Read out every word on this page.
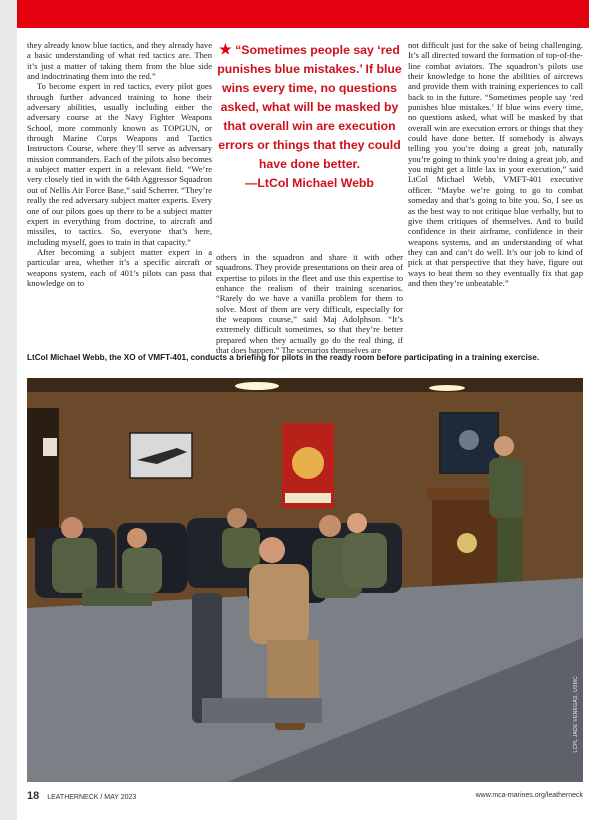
they already know blue tactics, and they already have a basic understanding of what red tactics are. Then it’s just a matter of taking them from the blue side and indoctrinating them into the red.”

To become expert in red tactics, every pilot goes through further advanced training to hone their adversary abilities, usually including either the adversary course at the Navy Fighter Weapons School, more commonly known as TOPGUN, or through Marine Corps Weapons and Tactics Instructors Course, where they’ll serve as adversary mission commanders. Each of the pilots also becomes a subject matter expert in a relevant field. “We’re very closely tied in with the 64th Aggressor Squadron out of Nellis Air Force Base,” said Scherrer. “They’re really the red adversary subject matter experts. Every one of our pilots goes up there to be a subject matter expert in everything from doctrine, to aircraft and missiles, to tactics. So, everyone that’s here, including myself, goes to train in that capacity.”

After becoming a subject matter expert in a particular area, whether it’s a specific aircraft or weapons system, each of 401’s pilots can pass that knowledge on to

★ “Sometimes people say ‘red punishes blue mistakes.’ If blue wins every time, no questions asked, what will be masked by that overall win are execution errors or things that they could have done better.
—LtCol Michael Webb

others in the squadron and share it with other squadrons. They provide presentations on their area of expertise to pilots in the fleet and use this expertise to enhance the realism of their training scenarios. “Rarely do we have a vanilla problem for them to solve. Most of them are very difficult, especially for the weapons course,” said Maj Adolphson. “It’s extremely difficult sometimes, so that they’re better prepared when they actually go do the real thing, if that does happen.” The scenarios themselves are

not difficult just for the sake of being challenging. It’s all directed toward the formation of top-of-the-line combat aviators. The squadron’s pilots use their knowledge to hone the abilities of aircrews and provide them with training experiences to call back to in the future. “Sometimes people say ‘red punishes blue mistakes.’ If blue wins every time, no questions asked, what will be masked by that overall win are execution errors or things that they could have done better. If somebody is always telling you you’re doing a great job, naturally you’re going to think you’re doing a great job, and you might get a little lax in your execution,” said LtCol Michael Webb, VMFT-401 executive officer. “Maybe we’re going to go to combat someday and that’s going to bite you. So, I see us as the best way to not critique blue verbally, but to give them critiques of themselves. And to build confidence in their airframe, confidence in their weapons systems, and an understanding of what they can and can’t do well. It’s our job to kind of pick at that perspective that they have, figure out ways to beat them so they eventually fix that gap and then they’re unbeatable.”

LtCol Michael Webb, the XO of VMFT-401, conducts a briefing for pilots in the ready room before participating in a training exercise.
LCPL JADE VENEGAS, USMC
18 LEATHERNECK / MAY 2023	www.mca-marines.org/leatherneck
